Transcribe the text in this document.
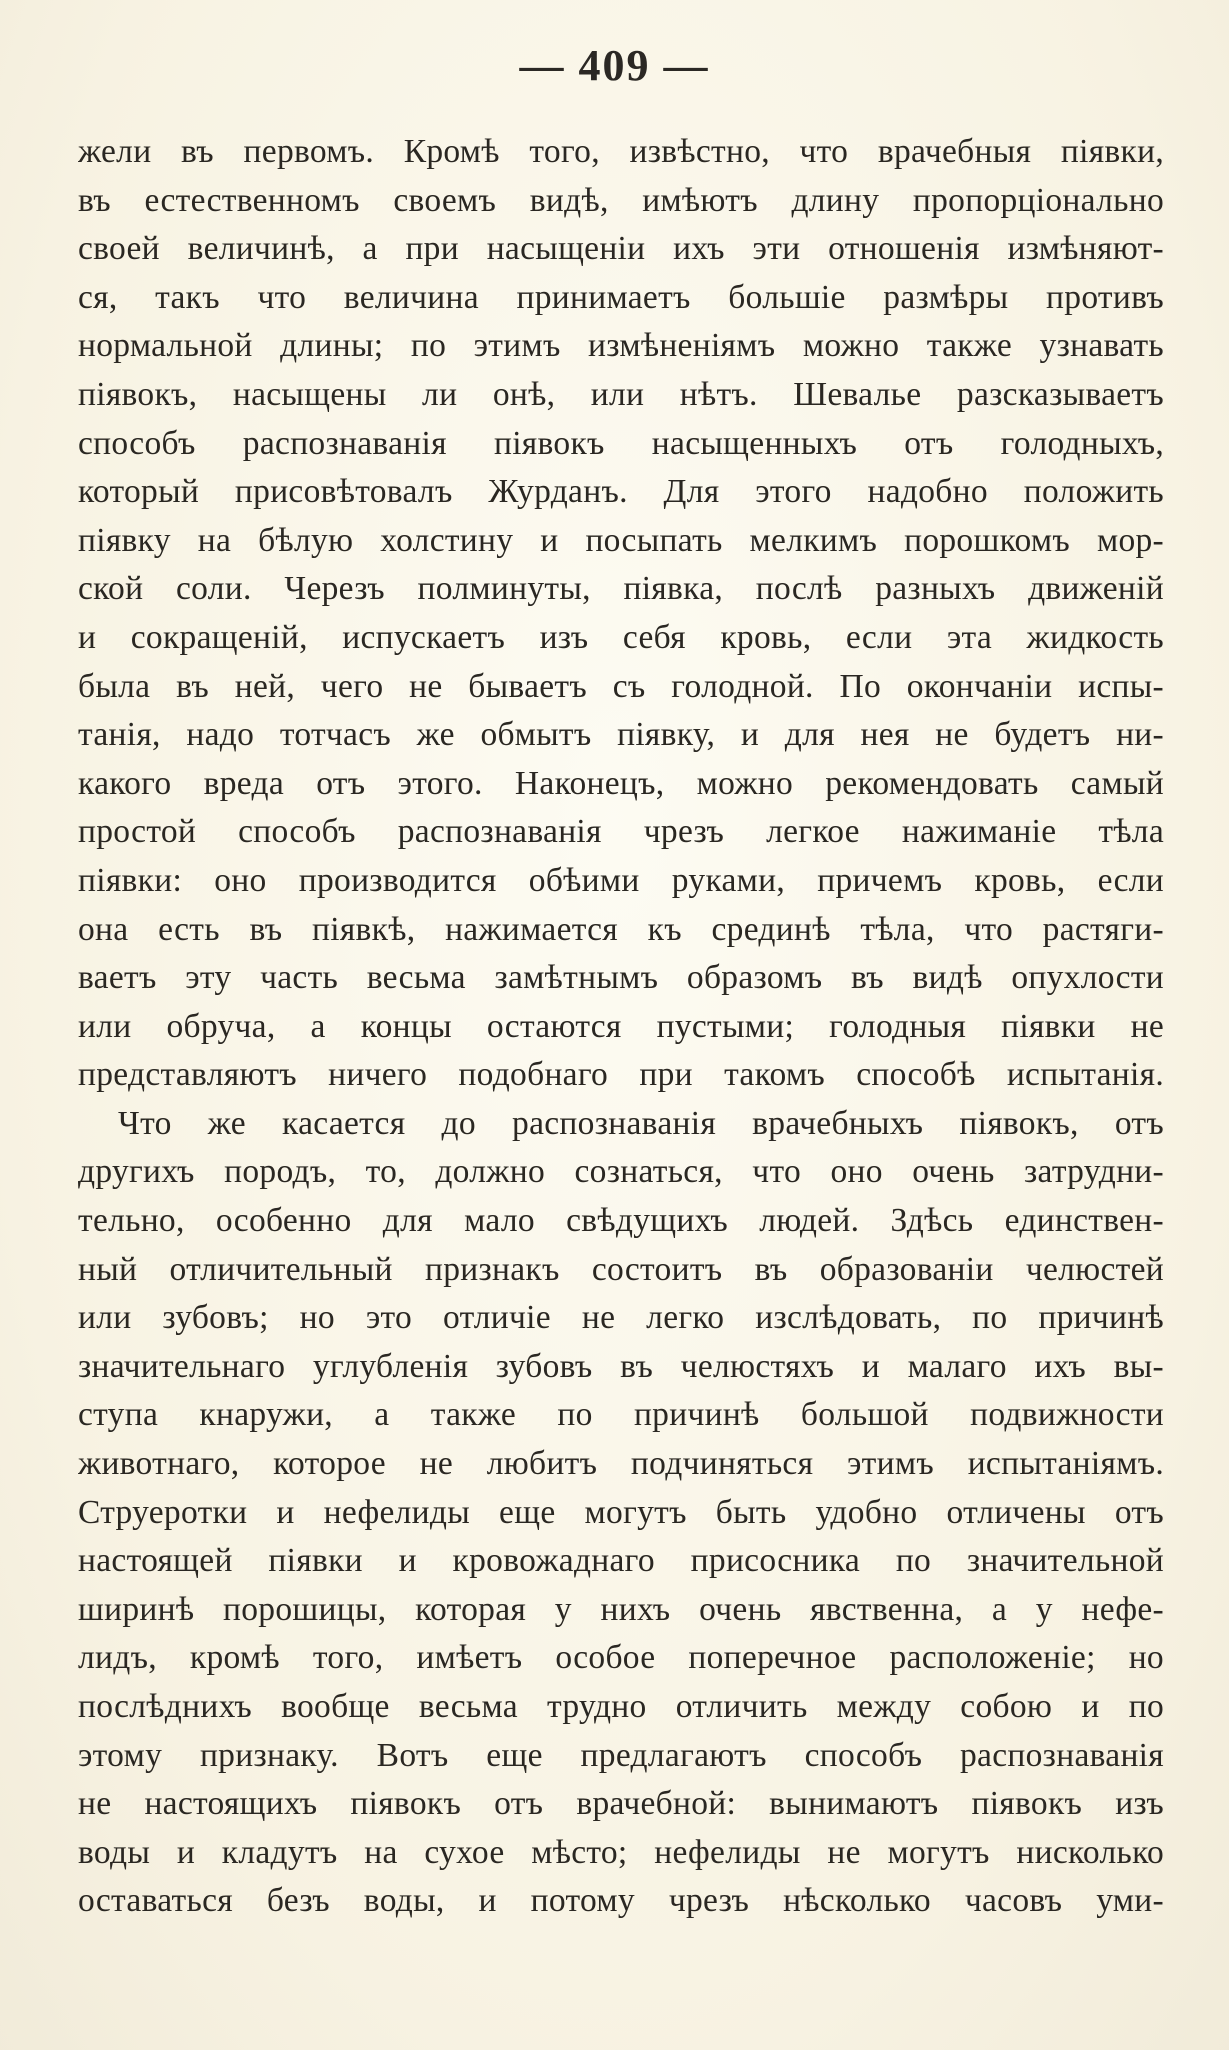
— 409 —
жели въ первомъ. Кромѣ того, извѣстно, что врачебныя піявки,
въ естественномъ своемъ видѣ, имѣютъ длину пропорціонально
своей величинѣ, а при насыщеніи ихъ эти отношенія измѣняют-
ся, такъ что величина принимаетъ большіе размѣры противъ
нормальной длины; по этимъ измѣненіямъ можно также узнавать
піявокъ, насыщены ли онѣ, или нѣтъ. Шевалье разсказываетъ
способъ распознаванія піявокъ насыщенныхъ отъ голодныхъ,
который присовѣтовалъ Журданъ. Для этого надобно положить
піявку на бѣлую холстину и посыпать мелкимъ порошкомъ мор-
ской соли. Черезъ полминуты, піявка, послѣ разныхъ движеній
и сокращеній, испускаетъ изъ себя кровь, если эта жидкость
была въ ней, чего не бываетъ съ голодной. По окончаніи испы-
танія, надо тотчасъ же обмытъ піявку, и для нея не будетъ ни-
какого вреда отъ этого. Наконецъ, можно рекомендовать самый
простой способъ распознаванія чрезъ легкое нажиманіе тѣла
піявки: оно производится обѣими руками, причемъ кровь, если
она есть въ піявкѣ, нажимается къ срединѣ тѣла, что растяги-
ваетъ эту часть весьма замѣтнымъ образомъ въ видѣ опухлости
или обруча, а концы остаются пустыми; голодныя піявки не
представляютъ ничего подобнаго при такомъ способѣ испытанія.
Что же касается до распознаванія врачебныхъ піявокъ, отъ
другихъ породъ, то, должно сознаться, что оно очень затрудни-
тельно, особенно для мало свѣдущихъ людей. Здѣсь единствен-
ный отличительный признакъ состоитъ въ образованіи челюстей
или зубовъ; но это отличіе не легко изслѣдовать, по причинѣ
значительнаго углубленія зубовъ въ челюстяхъ и малаго ихъ вы-
ступа кнаружи, а также по причинѣ большой подвижности
животнаго, которое не любитъ подчиняться этимъ испытаніямъ.
Струеротки и нефелиды еще могутъ быть удобно отличены отъ
настоящей піявки и кровожаднаго присосника по значительной
ширинѣ порошицы, которая у нихъ очень явственна, а у нефе-
лидъ, кромѣ того, имѣетъ особое поперечное расположеніе; но
послѣднихъ вообще весьма трудно отличить между собою и по
этому признаку. Вотъ еще предлагаютъ способъ распознаванія
не настоящихъ піявокъ отъ врачебной: вынимаютъ піявокъ изъ
воды и кладутъ на сухое мѣсто; нефелиды не могутъ нисколько
оставаться безъ воды, и потому чрезъ нѣсколько часовъ уми-
